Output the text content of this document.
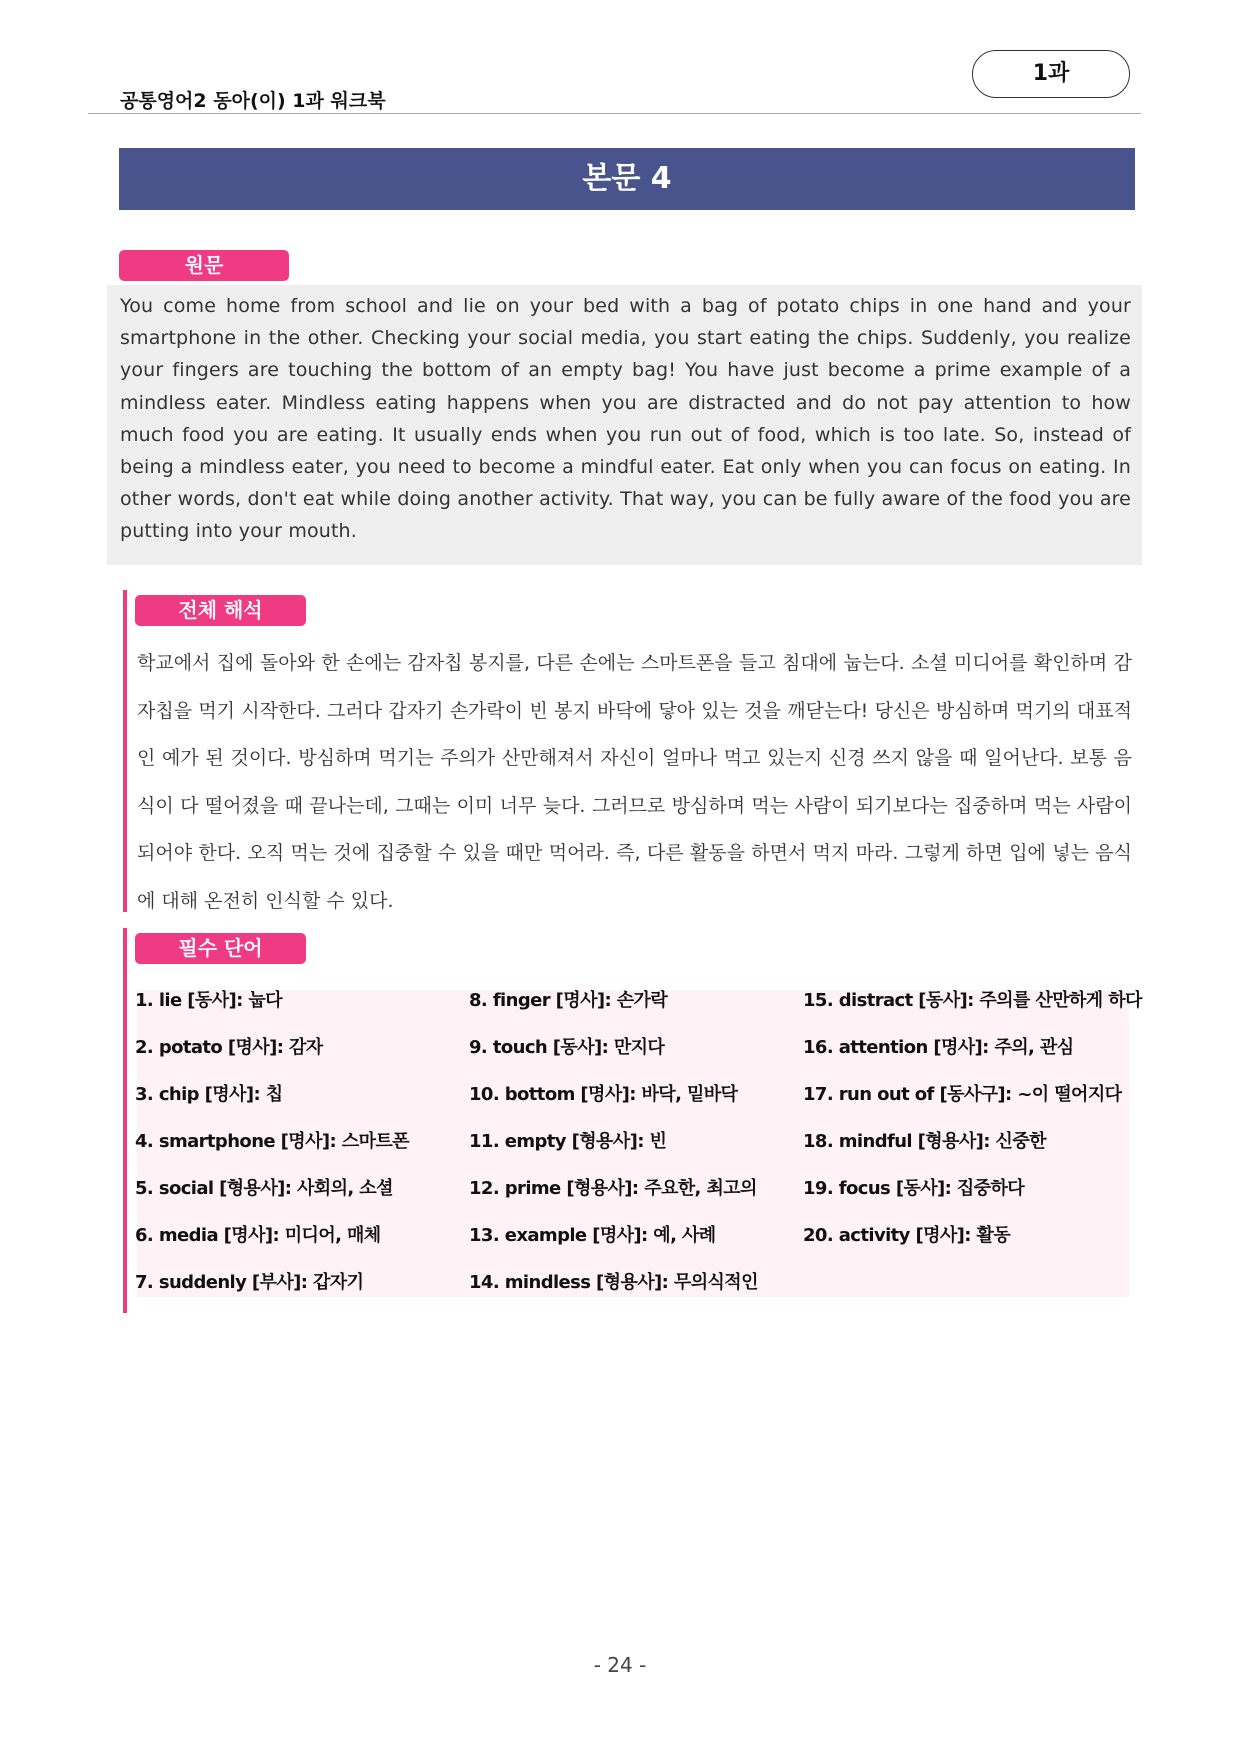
공통영어2 동아(이) 1과 워크북
1과
본문 4
원문
You come home from school and lie on your bed with a bag of potato chips in one hand and your smartphone in the other. Checking your social media, you start eating the chips. Suddenly, you realize your fingers are touching the bottom of an empty bag! You have just become a prime example of a mindless eater. Mindless eating happens when you are distracted and do not pay attention to how much food you are eating. It usually ends when you run out of food, which is too late. So, instead of being a mindless eater, you need to become a mindful eater. Eat only when you can focus on eating. In other words, don't eat while doing another activity. That way, you can be fully aware of the food you are putting into your mouth.
전체 해석
학교에서 집에 돌아와 한 손에는 감자칩 봉지를, 다른 손에는 스마트폰을 들고 침대에 눕는다. 소셜 미디어를 확인하며 감자칩을 먹기 시작한다. 그러다 갑자기 손가락이 빈 봉지 바닥에 닿아 있는 것을 깨닫는다! 당신은 방심하며 먹기의 대표적인 예가 된 것이다. 방심하며 먹기는 주의가 산만해져서 자신이 얼마나 먹고 있는지 신경 쓰지 않을 때 일어난다. 보통 음식이 다 떨어졌을 때 끝나는데, 그때는 이미 너무 늦다. 그러므로 방심하며 먹는 사람이 되기보다는 집중하며 먹는 사람이 되어야 한다. 오직 먹는 것에 집중할 수 있을 때만 먹어라. 즉, 다른 활동을 하면서 먹지 마라. 그렇게 하면 입에 넣는 음식에 대해 온전히 인식할 수 있다.
필수 단어
1. lie [동사]: 눕다
2. potato [명사]: 감자
3. chip [명사]: 칩
4. smartphone [명사]: 스마트폰
5. social [형용사]: 사회의, 소셜
6. media [명사]: 미디어, 매체
7. suddenly [부사]: 갑자기
8. finger [명사]: 손가락
9. touch [동사]: 만지다
10. bottom [명사]: 바닥, 밑바닥
11. empty [형용사]: 빈
12. prime [형용사]: 주요한, 최고의
13. example [명사]: 예, 사례
14. mindless [형용사]: 무의식적인
15. distract [동사]: 주의를 산만하게 하다
16. attention [명사]: 주의, 관심
17. run out of [동사구]: ~이 떨어지다
18. mindful [형용사]: 신중한
19. focus [동사]: 집중하다
20. activity [명사]: 활동
- 24 -
